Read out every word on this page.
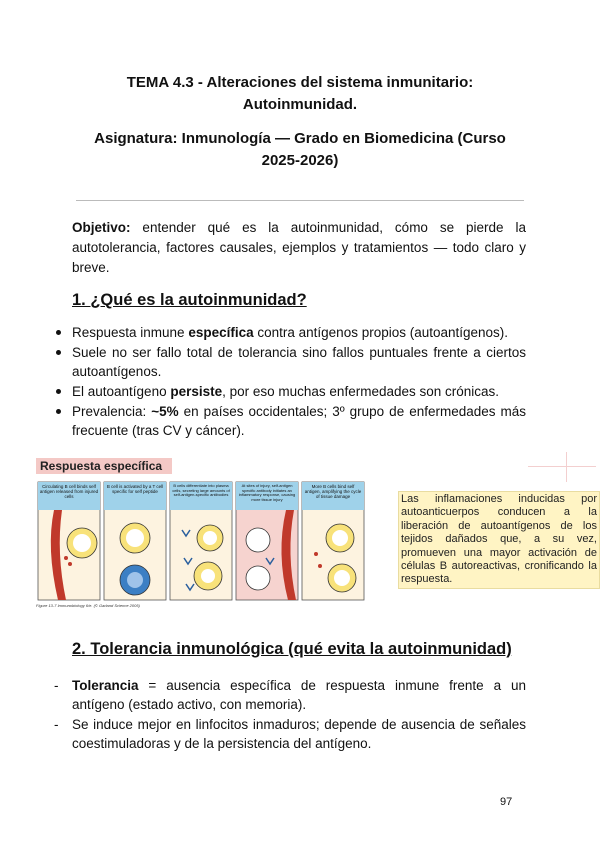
TEMA 4.3 - Alteraciones del sistema inmunitario:
Autoinmunidad.
Asignatura: Inmunología — Grado en Biomedicina (Curso
2025-2026)
Objetivo: entender qué es la autoinmunidad, cómo se pierde la autotolerancia, factores causales, ejemplos y tratamientos — todo claro y breve.
1. ¿Qué es la autoinmunidad?
Respuesta inmune específica contra antígenos propios (autoantígenos).
Suele no ser fallo total de tolerancia sino fallos puntuales frente a ciertos autoantígenos.
El autoantígeno persiste, por eso muchas enfermedades son crónicas.
Prevalencia: ~5% en países occidentales; 3º grupo de enfermedades más frecuente (tras CV y cáncer).
Respuesta específica
Circulating B cell binds self antigen released from injured cells
B cell is activated by a T cell specific for self peptide
B cells differentiate into plasma cells, secreting large amounts of self-antigen-specific antibodies
At sites of injury, self-antigen specific antibody initiates an inflammatory response, causing more tissue injury
More B cells bind self antigen, amplifying the cycle of tissue damage
Figure 13-7 Immunobiology 6/e. (© Garland Science 2005)
Las inflamaciones inducidas por autoanticuerpos conducen a la liberación de autoantígenos de los tejidos dañados que, a su vez, promueven una mayor activación de células B autoreactivas, cronificando la respuesta.
2. Tolerancia inmunológica (qué evita la autoinmunidad)
- Tolerancia = ausencia específica de respuesta inmune frente a un antígeno (estado activo, con memoria).
- Se induce mejor en linfocitos inmaduros; depende de ausencia de señales coestimuladoras y de la persistencia del antígeno.
97
